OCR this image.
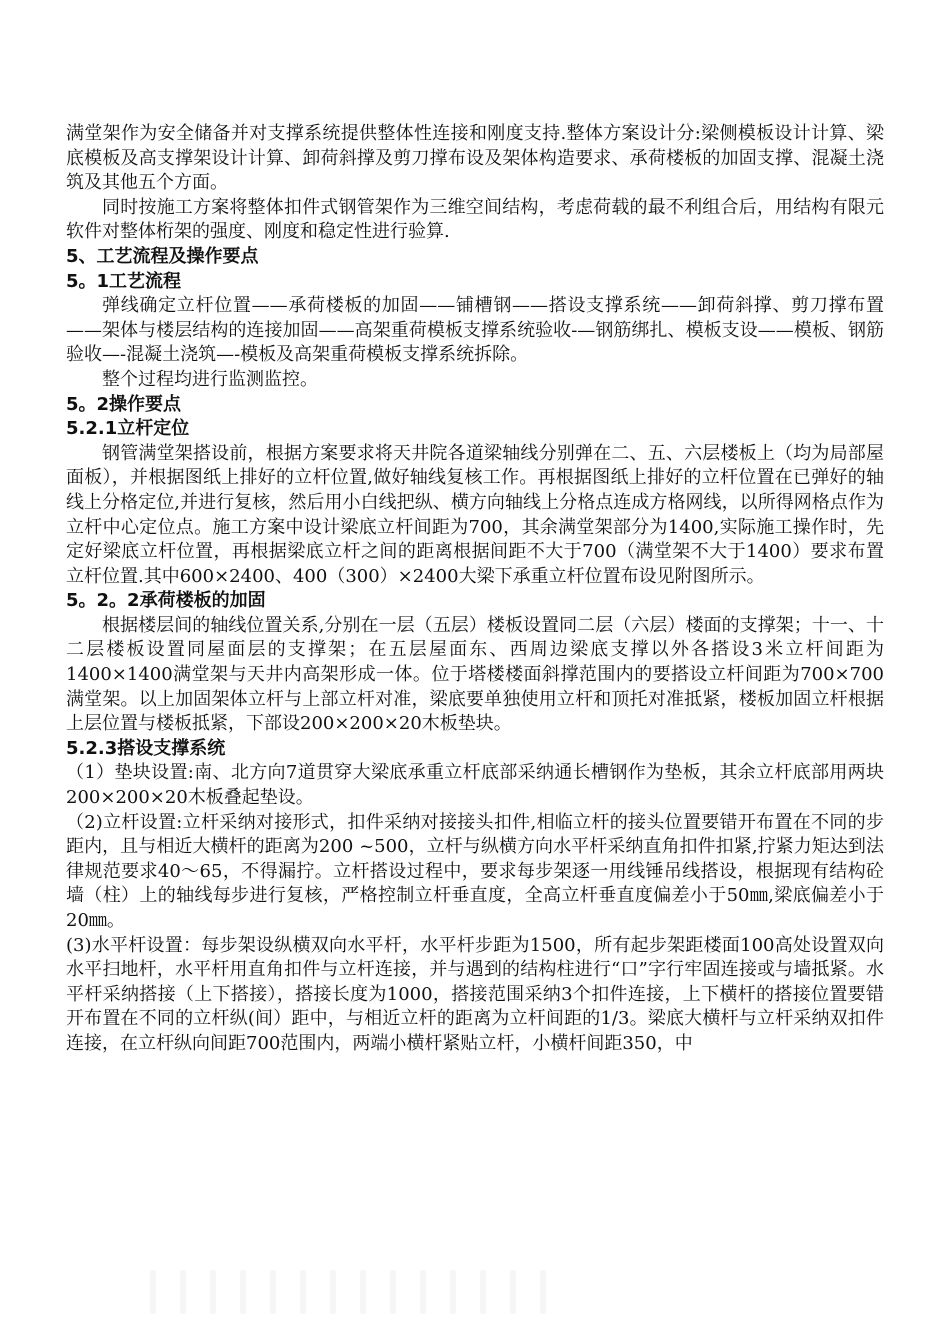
满堂架作为安全储备并对支撑系统提供整体性连接和刚度支持.整体方案设计分:梁侧模板设计计算、梁底模板及高支撑架设计计算、卸荷斜撑及剪刀撑布设及架体构造要求、承荷楼板的加固支撑、混凝土浇筑及其他五个方面。

同时按施工方案将整体扣件式钢管架作为三维空间结构，考虑荷载的最不利组合后，用结构有限元软件对整体桁架的强度、刚度和稳定性进行验算.

5、工艺流程及操作要点

5。1工艺流程

弹线确定立杆位置——承荷楼板的加固——铺槽钢——搭设支撑系统——卸荷斜撑、剪刀撑布置——架体与楼层结构的连接加固——高架重荷模板支撑系统验收-—钢筋绑扎、模板支设——模板、钢筋验收—-混凝土浇筑—-模板及高架重荷模板支撑系统拆除。

整个过程均进行监测监控。

5。2操作要点

5.2.1立杆定位

钢管满堂架搭设前，根据方案要求将天井院各道梁轴线分别弹在二、五、六层楼板上（均为局部屋面板），并根据图纸上排好的立杆位置,做好轴线复核工作。再根据图纸上排好的立杆位置在已弹好的轴线上分格定位,并进行复核，然后用小白线把纵、横方向轴线上分格点连成方格网线，以所得网格点作为立杆中心定位点。施工方案中设计梁底立杆间距为700，其余满堂架部分为1400,实际施工操作时，先定好梁底立杆位置，再根据梁底立杆之间的距离根据间距不大于700（满堂架不大于1400）要求布置立杆位置.其中600×2400、400（300）×2400大梁下承重立杆位置布设见附图所示。

5。2。2承荷楼板的加固

根据楼层间的轴线位置关系,分别在一层（五层）楼板设置同二层（六层）楼面的支撑架；十一、十二层楼板设置同屋面层的支撑架；在五层屋面东、西周边梁底支撑以外各搭设3米立杆间距为1400×1400满堂架与天井内高架形成一体。位于塔楼楼面斜撑范围内的要搭设立杆间距为700×700满堂架。以上加固架体立杆与上部立杆对准，梁底要单独使用立杆和顶托对准抵紧，楼板加固立杆根据上层位置与楼板抵紧，下部设200×200×20木板垫块。

5.2.3搭设支撑系统

（1）垫块设置:南、北方向7道贯穿大梁底承重立杆底部采纳通长槽钢作为垫板，其余立杆底部用两块200×200×20木板叠起垫设。

（2)立杆设置:立杆采纳对接形式，扣件采纳对接接头扣件,相临立杆的接头位置要错开布置在不同的步距内，且与相近大横杆的距离为200 ~500，立杆与纵横方向水平杆采纳直角扣件扣紧,拧紧力矩达到法律规范要求40～65，不得漏拧。立杆搭设过程中，要求每步架逐一用线锤吊线搭设，根据现有结构砼墙（柱）上的轴线每步进行复核，严格控制立杆垂直度，全高立杆垂直度偏差小于50㎜,梁底偏差小于20㎜。

(3)水平杆设置：每步架设纵横双向水平杆，水平杆步距为1500，所有起步架距楼面100高处设置双向水平扫地杆，水平杆用直角扣件与立杆连接，并与遇到的结构柱进行“口”字行牢固连接或与墙抵紧。水平杆采纳搭接（上下搭接），搭接长度为1000，搭接范围采纳3个扣件连接，上下横杆的搭接位置要错开布置在不同的立杆纵(间）距中，与相近立杆的距离为立杆间距的1/3。梁底大横杆与立杆采纳双扣件连接，在立杆纵向间距700范围内，两端小横杆紧贴立杆，小横杆间距350，中
